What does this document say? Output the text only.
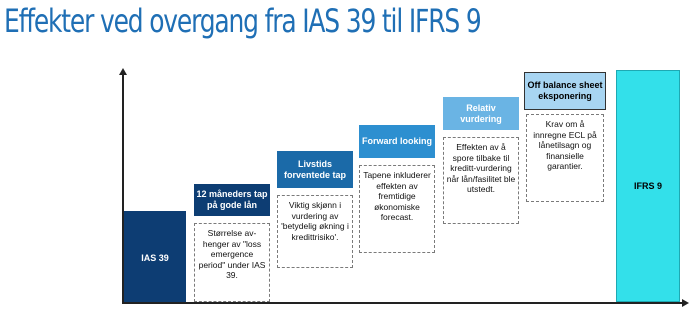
Effekter ved overgang fra IAS 39 til IFRS 9
IAS 39
IFRS 9
12 måneders tap på gode lån
Størrelse av-henger av "loss emergence period" under IAS 39.
Livstids forventede tap
Viktig skjønn i vurdering av 'betydelig økning i kredittrisiko'.
Forward looking
Tapene inkluderer effekten av fremtidige økonomiske forecast.
Relativ vurdering
Effekten av å spore tilbake til kreditt-vurdering når lån/fasilitet ble utstedt.
Off balance sheet eksponering
Krav om å innregne ECL på lånetilsagn og finansielle garantier.
